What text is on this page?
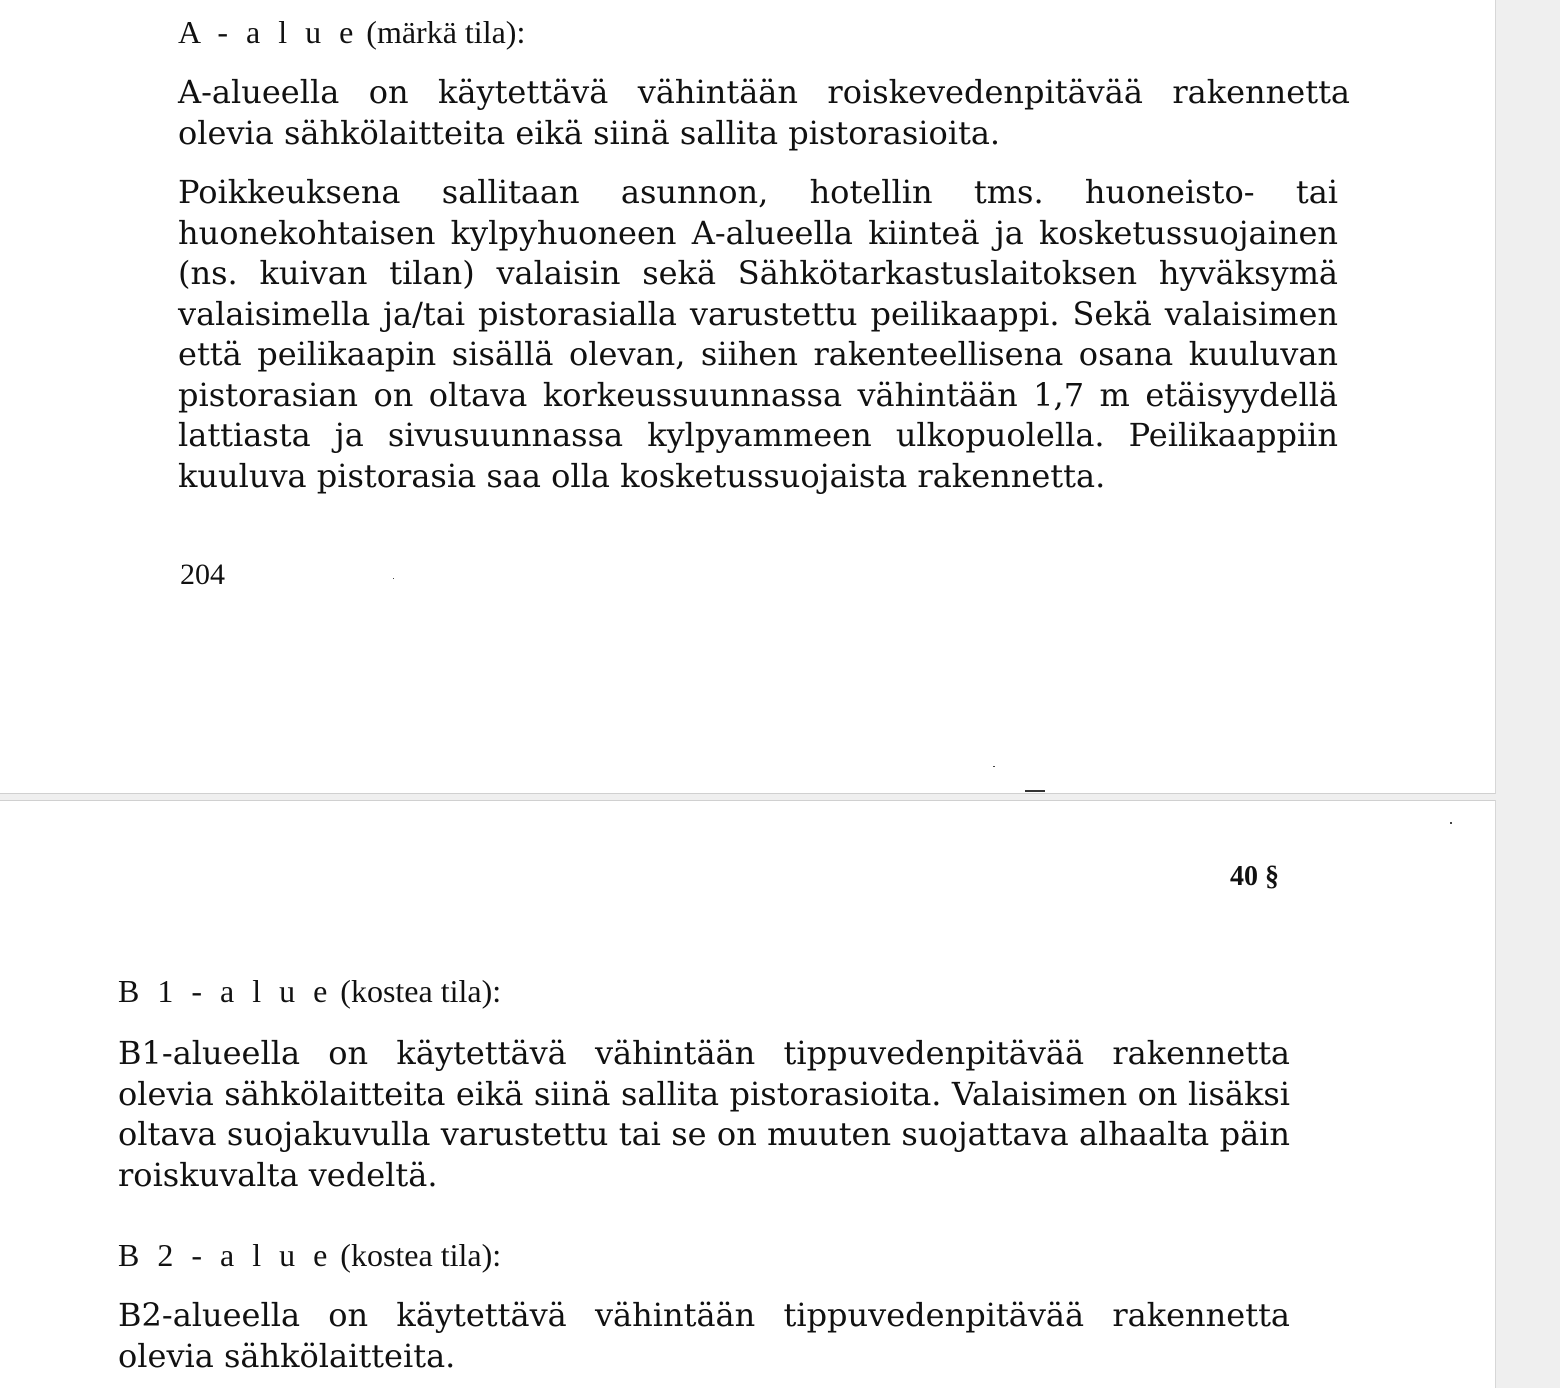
A - a l u e (märkä tila):

A-alueella on käytettävä vähintään roiskevedenpitävää rakennetta olevia sähkölaitteita eikä siinä sallita pistorasioita.

Poikkeuksena sallitaan asunnon, hotellin tms. huoneisto- tai huonekohtaisen kylpyhuoneen A-alueella kiinteä ja kosketussuojainen (ns. kuivan tilan) valaisin sekä Sähkötarkastuslaitoksen hyväksymä valaisimella ja/tai pistorasialla varustettu peilikaappi. Sekä valaisimen että peilikaapin sisällä olevan, siihen rakenteellisena osana kuuluvan pistorasian on oltava korkeussuunnassa vähintään 1,7 m etäisyydellä lattiasta ja sivusuunnassa kylpyammeen ulkopuolella. Peilikaappiin kuuluva pistorasia saa olla kosketussuojaista rakennetta.

204

40 §

B 1 - a l u e (kostea tila):

B1-alueella on käytettävä vähintään tippuvedenpitävää rakennetta olevia sähkölaitteita eikä siinä sallita pistorasioita. Valaisimen on lisäksi oltava suojakuvulla varustettu tai se on muuten suojattava alhaalta päin roiskuvalta vedeltä.

B 2 - a l u e (kostea tila):

B2-alueella on käytettävä vähintään tippuvedenpitävää rakennetta olevia sähkölaitteita.
